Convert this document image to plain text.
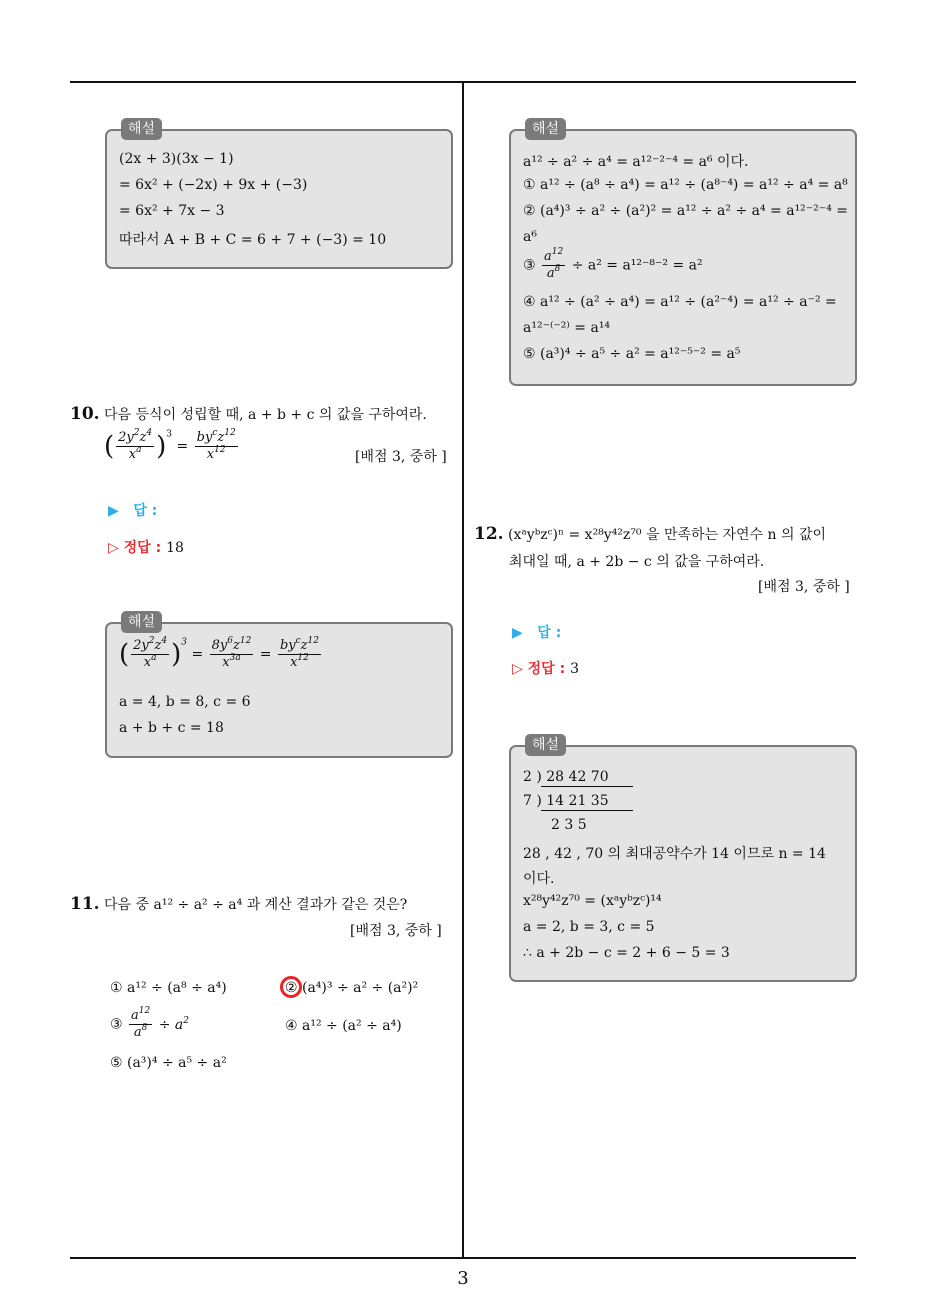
3
해설
(2x + 3)(3x − 1)
= 6x² + (−2x) + 9x + (−3)
= 6x² + 7x − 3
따라서 A + B + C = 6 + 7 + (−3) = 10
10. 다음 등식이 성립할 때, a + b + c 의 값을 구하여라.
( $\frac{2y^2z^4}{x^a} )^3 = \frac{by^cz^{12}}{x^{12}}$	[배점 3, 중하 ]
▶ 답 :
▷ 정답 : 18
해설
( $\frac{2y^2z^4}{x^a} )^3 = \frac{8y^6z^{12}}{x^{3a}} = \frac{by^cz^{12}}{x^{12}}$
a = 4, b = 8, c = 6
a + b + c = 18
11. 다음 중 a¹² ÷ a² ÷ a⁴ 과 계산 결과가 같은 것은?
[배점 3, 중하 ]
① a¹² ÷ (a⁸ ÷ a⁴)	② (a⁴)³ ÷ a² ÷ (a²)²
③ $\frac{a^{12}}{a^8} \div a^2$	④ a¹² ÷ (a² ÷ a⁴)
⑤ (a³)⁴ ÷ a⁵ ÷ a²
해설
a¹² ÷ a² ÷ a⁴ = a¹²⁻²⁻⁴ = a⁶ 이다.
① a¹² ÷ (a⁸ ÷ a⁴) = a¹² ÷ (a⁸⁻⁴) = a¹² ÷ a⁴ = a⁸
② (a⁴)³ ÷ a² ÷ (a²)² = a¹² ÷ a² ÷ a⁴ = a¹²⁻²⁻⁴ =
a⁶
③ $\frac{a^{12}}{a^8} \div a^2 = a^{12-8-2} = a^2$
④ a¹² ÷ (a² ÷ a⁴) = a¹² ÷ (a²⁻⁴) = a¹² ÷ a⁻² =
a¹²⁻⁽⁻²⁾ = a¹⁴
⑤ (a³)⁴ ÷ a⁵ ÷ a² = a¹²⁻⁵⁻² = a⁵
12. (xᵃyᵇzᶜ)ⁿ = x²⁸y⁴²z⁷⁰ 을 만족하는 자연수 n 의 값이
최대일 때, a + 2b − c 의 값을 구하여라.
[배점 3, 중하 ]
▶ 답 :
▷ 정답 : 3
해설
2 ) 28 42 70
7 ) 14 21 35
2 3 5
28 , 42 , 70 의 최대공약수가 14 이므로 n = 14
이다.
x²⁸y⁴²z⁷⁰ = (xᵃyᵇzᶜ)¹⁴
a = 2, b = 3, c = 5
∴ a + 2b − c = 2 + 6 − 5 = 3
